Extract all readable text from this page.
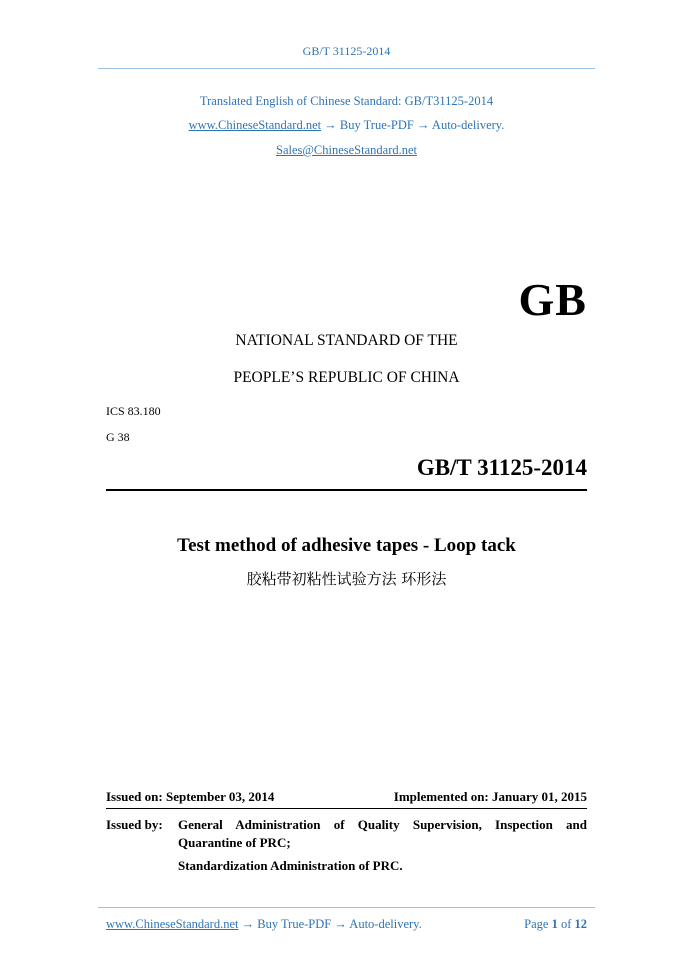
GB/T 31125-2014
Translated English of Chinese Standard: GB/T31125-2014
www.ChineseStandard.net → Buy True-PDF → Auto-delivery.
Sales@ChineseStandard.net
GB
NATIONAL STANDARD OF THE
PEOPLE’S REPUBLIC OF CHINA
ICS 83.180
G 38
GB/T 31125-2014
Test method of adhesive tapes - Loop tack
胶粘带初粘性试验方法 环形法
Issued on: September 03, 2014	Implemented on: January 01, 2015
Issued by: General Administration of Quality Supervision, Inspection and
Quarantine of PRC;
Standardization Administration of PRC.
www.ChineseStandard.net → Buy True-PDF → Auto-delivery.	Page 1 of 12
